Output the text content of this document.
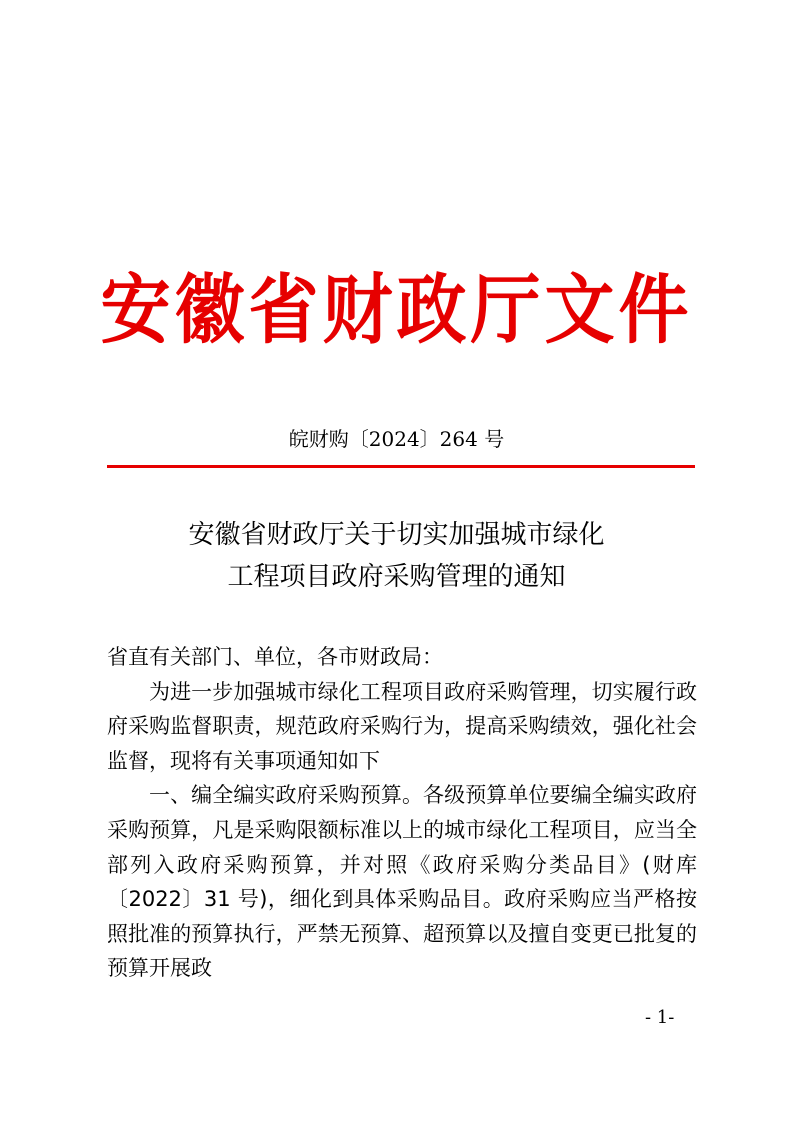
安徽省财政厅文件
皖财购〔2024〕264 号
安徽省财政厅关于切实加强城市绿化
工程项目政府采购管理的通知

省直有关部门、单位，各市财政局：

为进一步加强城市绿化工程项目政府采购管理，切实履行政府采购监督职责，规范政府采购行为，提高采购绩效，强化社会监督，现将有关事项通知如下

一、编全编实政府采购预算。各级预算单位要编全编实政府采购预算，凡是采购限额标准以上的城市绿化工程项目，应当全部列入政府采购预算，并对照《政府采购分类品目》(财库〔2022〕31 号)，细化到具体采购品目。政府采购应当严格按照批准的预算执行，严禁无预算、超预算以及擅自变更已批复的预算开展政

- 1-
